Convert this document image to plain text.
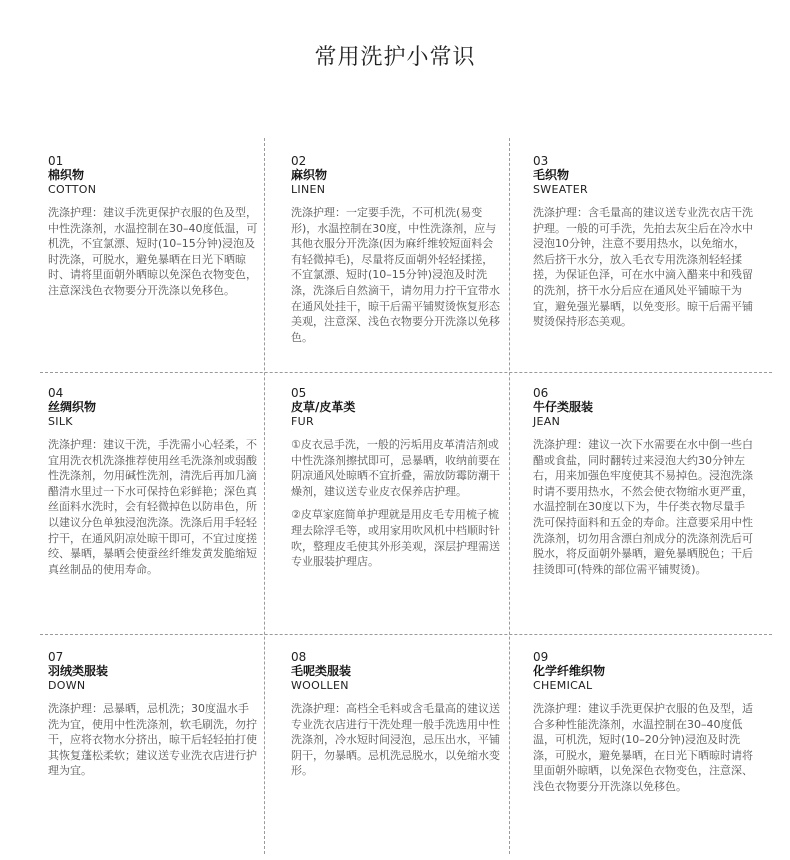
常用洗护小常识
01
棉织物
COTTON

洗涤护理：建议手洗更保护衣服的色及型，中性洗涤剂，水温控制在30–40度低温，可机洗，不宜氯漂、短时(10–15分钟)浸泡及时洗涤，可脱水，避免暴晒在日光下晒晾时、请将里面朝外晒晾以免深色衣物变色，注意深浅色衣物要分开洗涤以免移色。

02
麻织物
LINEN

洗涤护理：一定要手洗，不可机洗(易变形)，水温控制在30度，中性洗涤剂，应与其他衣服分开洗涤(因为麻纤维较短面料会有轻微掉毛)，尽量将反面朝外轻轻揉搓，不宜氯漂、短时(10–15分钟)浸泡及时洗涤，洗涤后自然滴干，请勿用力拧干宜带水在通风处挂干，晾干后需平铺熨烫恢复形态美观，注意深、浅色衣物要分开洗涤以免移色。

03
毛织物
SWEATER

洗涤护理：含毛量高的建议送专业洗衣店干洗护理。一般的可手洗，先拍去灰尘后在冷水中浸泡10分钟，注意不要用热水，以免缩水，然后挤干水分，放入毛衣专用洗涤剂轻轻揉搓，为保证色泽，可在水中滴入醋来中和残留的洗剂，挤干水分后应在通风处平铺晾干为宜，避免强光暴晒，以免变形。晾干后需平铺熨烫保持形态美观。

04
丝绸织物
SILK

洗涤护理：建议干洗，手洗需小心轻柔，不宜用洗衣机洗涤推荐使用丝毛洗涤剂或弱酸性洗涤剂，勿用碱性洗剂，清洗后再加几滴醋清水里过一下水可保持色彩鲜艳；深色真丝面料水洗时，会有轻微掉色以防串色，所以建议分色单独浸泡洗涤。洗涤后用手轻轻拧干，在通风阴凉处晾干即可，不宜过度搓绞、暴晒，暴晒会使蚕丝纤维发黄发脆缩短真丝制品的使用寿命。

05
皮草/皮革类
FUR

①皮衣忌手洗，一般的污垢用皮革清洁剂或中性洗涤剂擦拭即可，忌暴晒，收纳前要在阴凉通风处晾晒不宜折叠，需放防霉防潮干燥剂，建议送专业皮衣保养店护理。

②皮草家庭简单护理就是用皮毛专用梳子梳理去除浮毛等，或用家用吹风机中档顺时针吹，整理皮毛使其外形美观，深层护理需送专业服装护理店。

06
牛仔类服装
JEAN

洗涤护理：建议一次下水需要在水中倒一些白醋或食盐，同时翻转过来浸泡大约30分钟左右，用来加强色牢度使其不易掉色。浸泡洗涤时请不要用热水，不然会使衣物缩水更严重，水温控制在30度以下为，牛仔类衣物尽量手洗可保持面料和五金的寿命。注意要采用中性洗涤剂，切勿用含漂白剂成分的洗涤剂洗后可脱水，将反面朝外暴晒，避免暴晒脱色；干后挂烫即可(特殊的部位需平铺熨烫)。

07
羽绒类服装
DOWN

洗涤护理：忌暴晒，忌机洗；30度温水手洗为宜，使用中性洗涤剂，软毛刷洗，勿拧干，应将衣物水分挤出，晾干后轻轻拍打使其恢复蓬松柔软；建议送专业洗衣店进行护理为宜。

08
毛呢类服装
WOOLLEN

洗涤护理：高档全毛料或含毛量高的建议送专业洗衣店进行干洗处理一般手洗选用中性洗涤剂，冷水短时间浸泡，忌压出水，平铺阴干，勿暴晒。忌机洗忌脱水，以免缩水变形。

09
化学纤维织物
CHEMICAL

洗涤护理：建议手洗更保护衣服的色及型，适合多种性能洗涤剂，水温控制在30–40度低温，可机洗，短时(10–20分钟)浸泡及时洗涤，可脱水，避免暴晒，在日光下晒晾时请将里面朝外晾晒，以免深色衣物变色，注意深、浅色衣物要分开洗涤以免移色。
